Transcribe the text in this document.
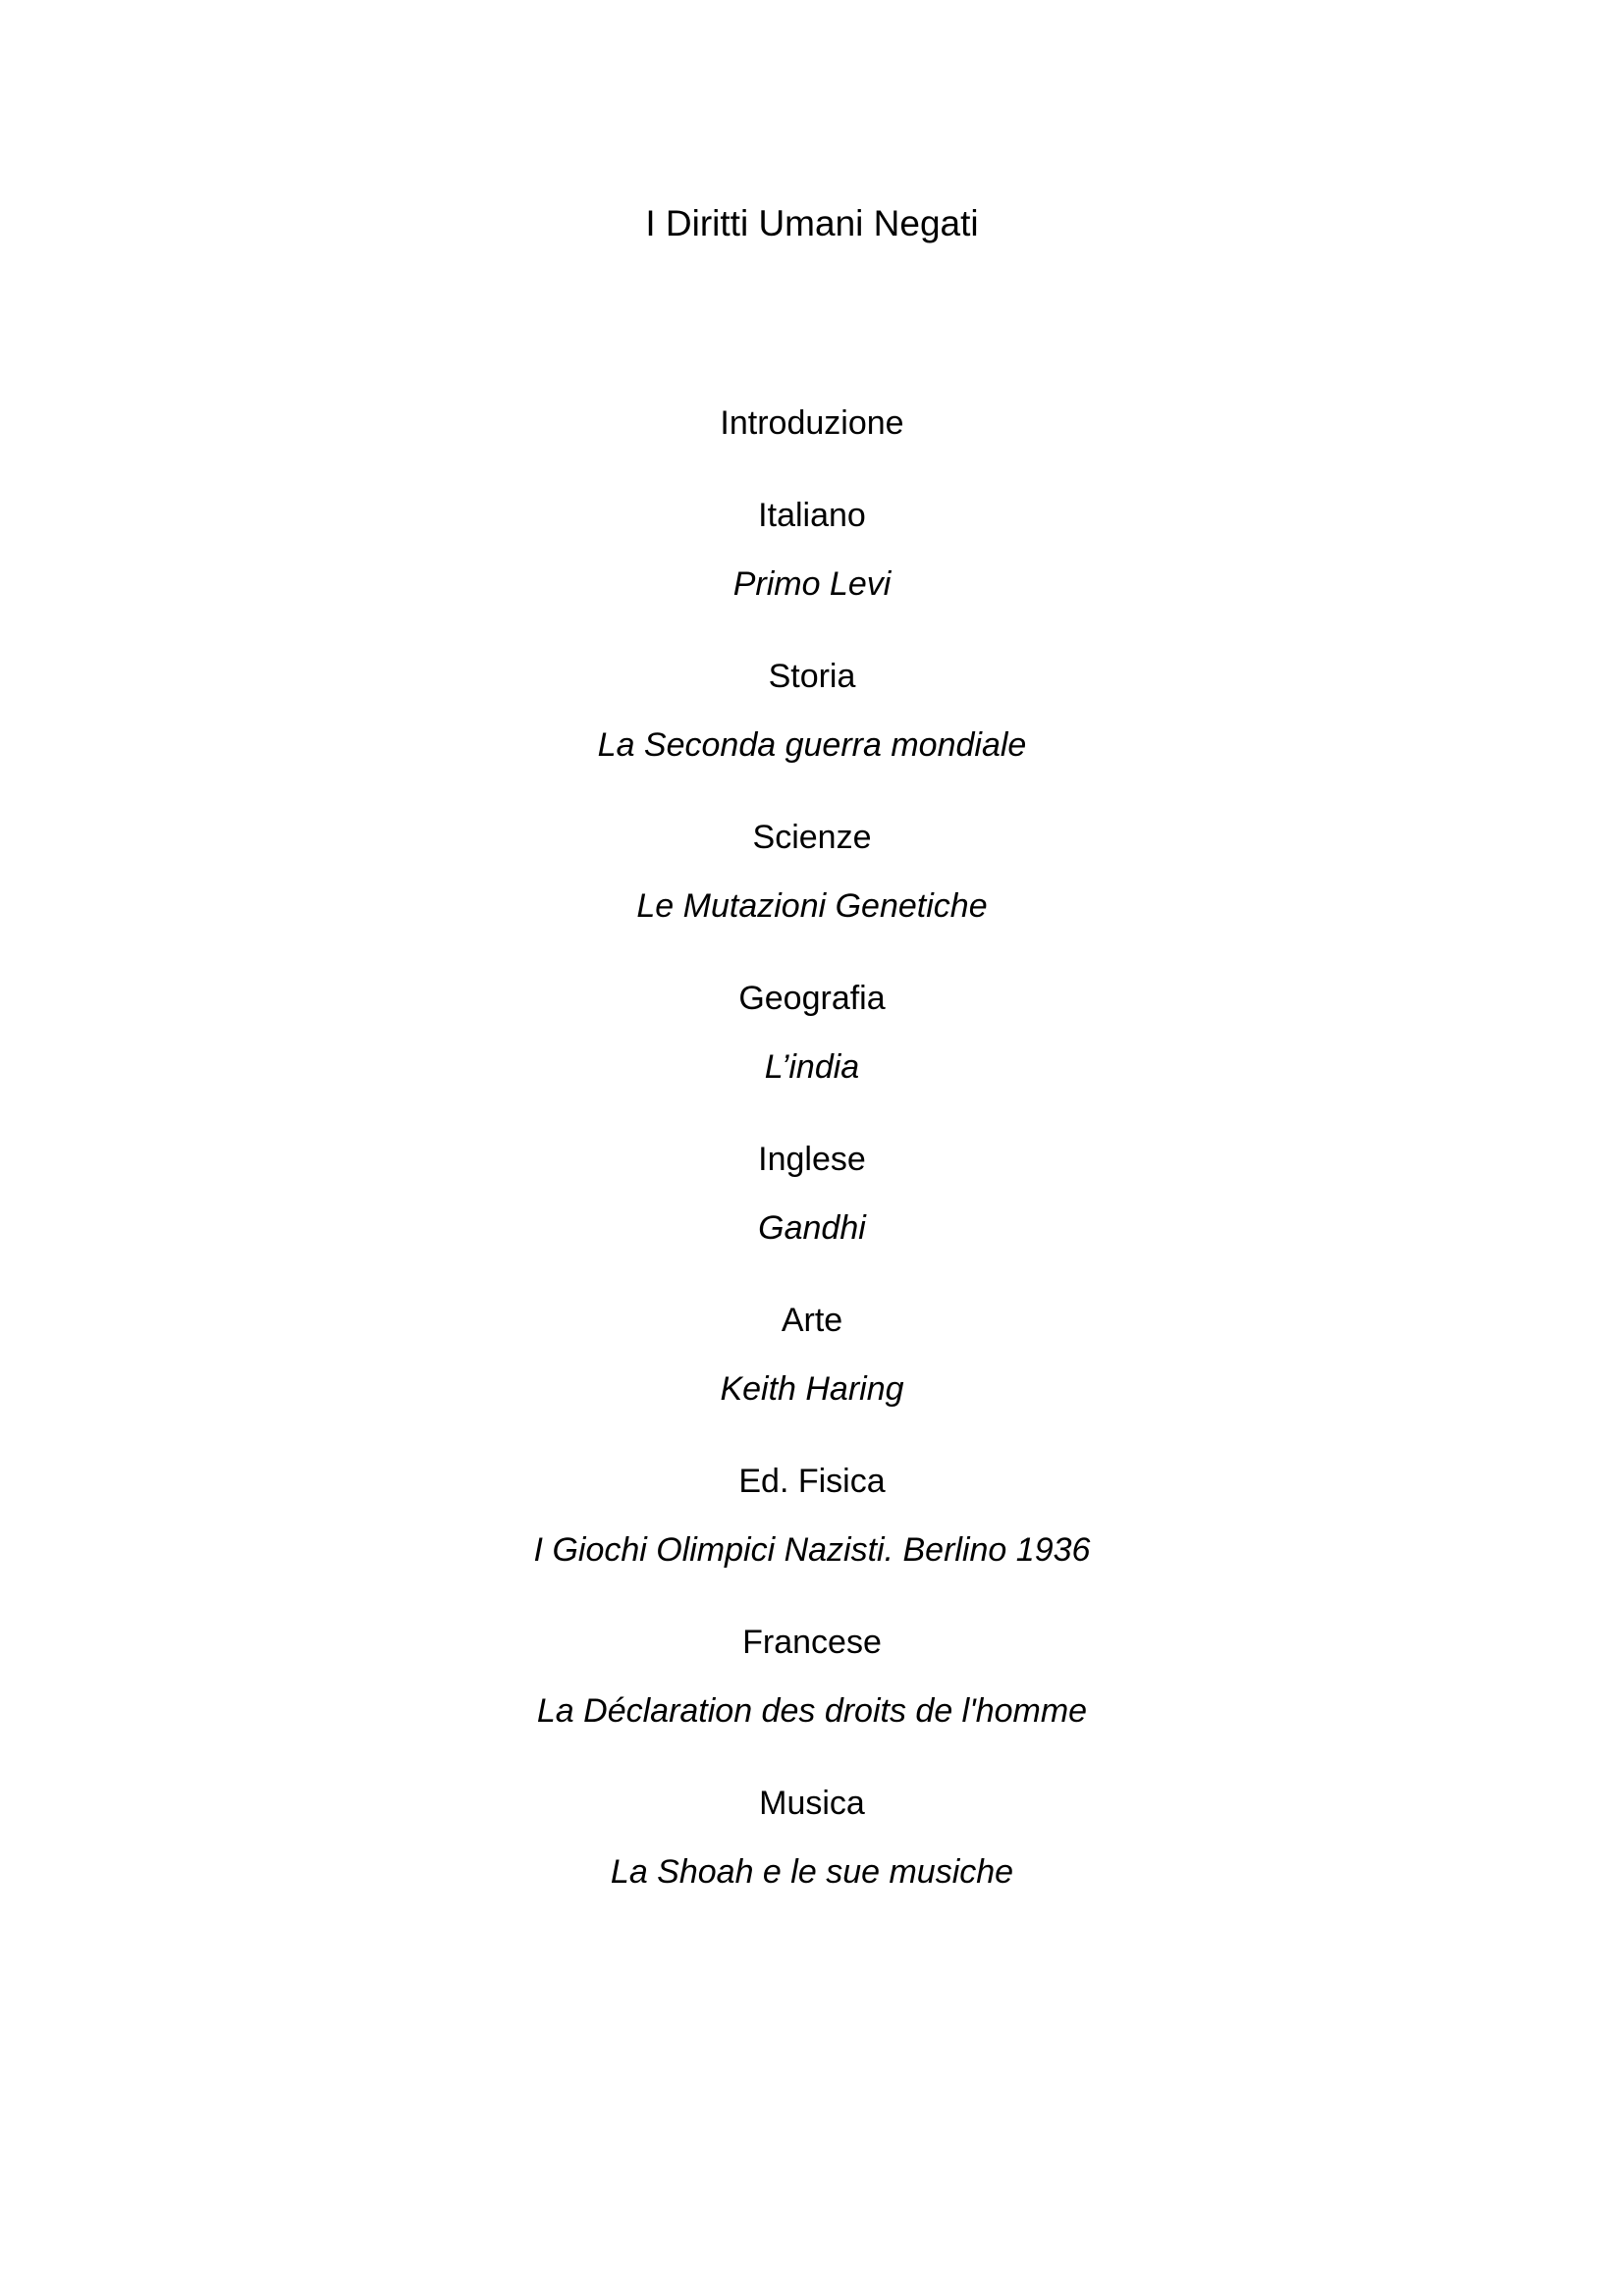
I Diritti Umani Negati

Introduzione

Italiano

Primo Levi

Storia

La Seconda guerra mondiale

Scienze

Le Mutazioni Genetiche

Geografia

L’india

Inglese

Gandhi

Arte

Keith Haring

Ed. Fisica

I Giochi Olimpici Nazisti. Berlino 1936

Francese

La Déclaration des droits de l'homme

Musica

La Shoah e le sue musiche
